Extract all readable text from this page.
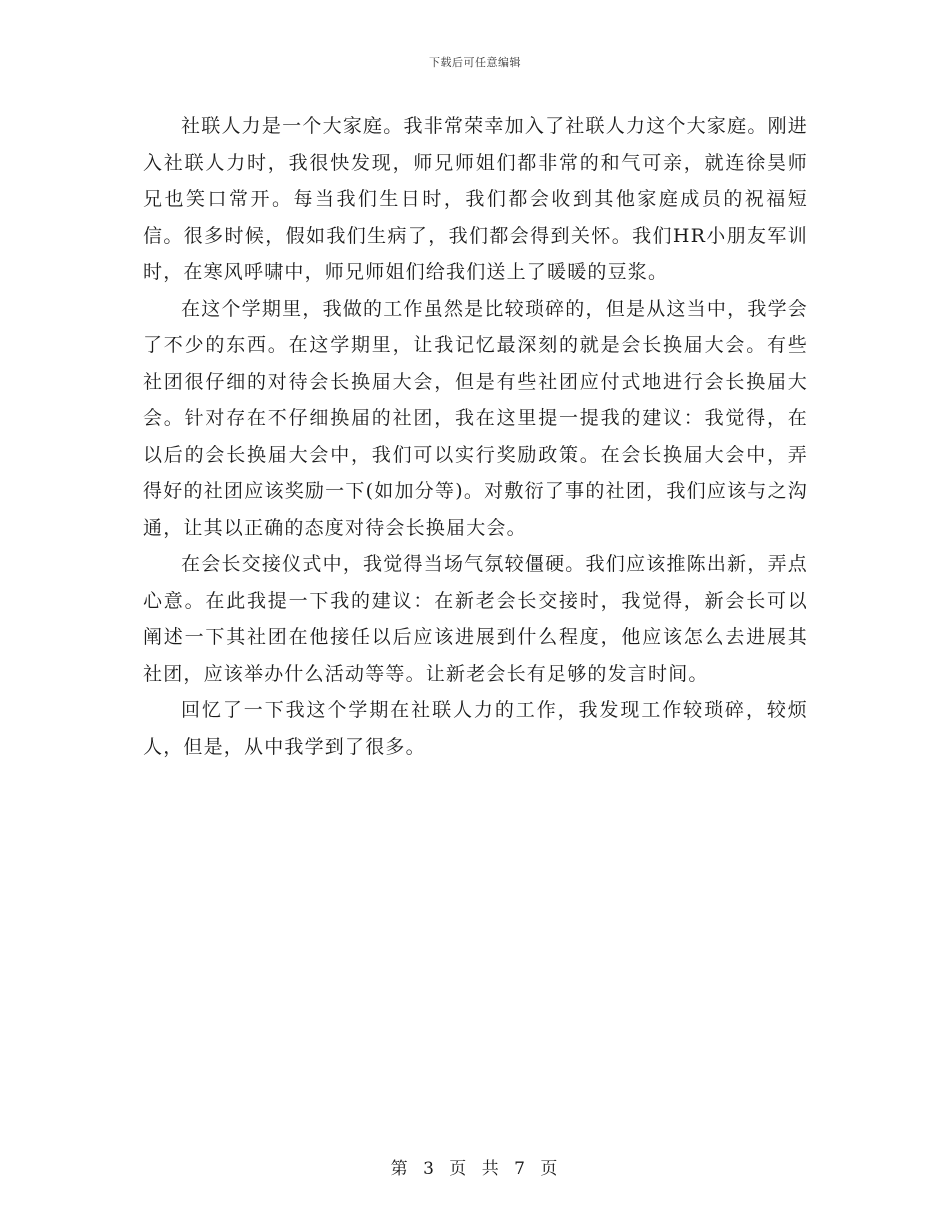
下载后可任意编辑

社联人力是一个大家庭。我非常荣幸加入了社联人力这个大家庭。刚进入社联人力时，我很快发现，师兄师姐们都非常的和气可亲，就连徐昊师兄也笑口常开。每当我们生日时，我们都会收到其他家庭成员的祝福短信。很多时候，假如我们生病了，我们都会得到关怀。我们HR小朋友军训时，在寒风呼啸中，师兄师姐们给我们送上了暖暖的豆浆。

在这个学期里，我做的工作虽然是比较琐碎的，但是从这当中，我学会了不少的东西。在这学期里，让我记忆最深刻的就是会长换届大会。有些社团很仔细的对待会长换届大会，但是有些社团应付式地进行会长换届大会。针对存在不仔细换届的社团，我在这里提一提我的建议：我觉得，在以后的会长换届大会中，我们可以实行奖励政策。在会长换届大会中，弄得好的社团应该奖励一下(如加分等)。对敷衍了事的社团，我们应该与之沟通，让其以正确的态度对待会长换届大会。

在会长交接仪式中，我觉得当场气氛较僵硬。我们应该推陈出新，弄点心意。在此我提一下我的建议：在新老会长交接时，我觉得，新会长可以阐述一下其社团在他接任以后应该进展到什么程度，他应该怎么去进展其社团，应该举办什么活动等等。让新老会长有足够的发言时间。

回忆了一下我这个学期在社联人力的工作，我发现工作较琐碎，较烦人，但是，从中我学到了很多。

第 3 页 共 7 页
